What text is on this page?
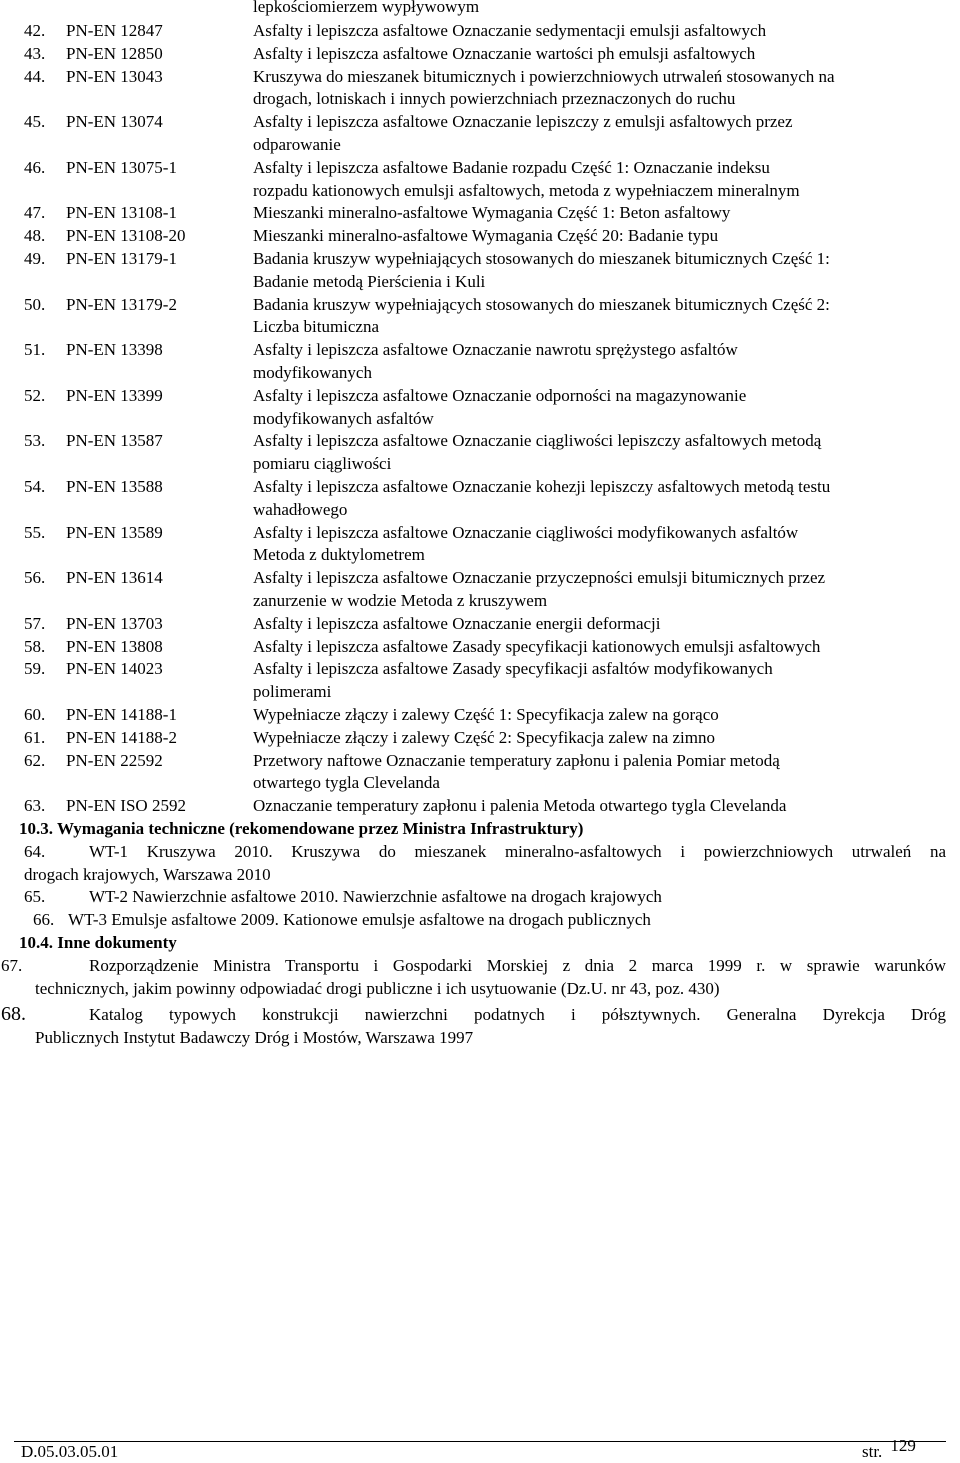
lepkościomierzem wypływowym
42.	PN-EN 12847	Asfalty i lepiszcza asfaltowe Oznaczanie sedymentacji emulsji asfaltowych
43.	PN-EN 12850	Asfalty i lepiszcza asfaltowe Oznaczanie wartości ph emulsji asfaltowych
44.	PN-EN 13043	Kruszywa do mieszanek bitumicznych i powierzchniowych utrwaleń stosowanych na
drogach, lotniskach i innych powierzchniach przeznaczonych do ruchu
45.	PN-EN 13074	Asfalty i lepiszcza asfaltowe Oznaczanie lepiszczy z emulsji asfaltowych przez
odparowanie
46.	PN-EN 13075-1	Asfalty i lepiszcza asfaltowe Badanie rozpadu Część 1: Oznaczanie indeksu
rozpadu kationowych emulsji asfaltowych, metoda z wypełniaczem mineralnym
47.	PN-EN 13108-1	Mieszanki mineralno-asfaltowe Wymagania Część 1: Beton asfaltowy
48.	PN-EN 13108-20	Mieszanki mineralno-asfaltowe Wymagania Część 20: Badanie typu
49.	PN-EN 13179-1	Badania kruszyw wypełniających stosowanych do mieszanek bitumicznych Część 1:
Badanie metodą Pierścienia i Kuli
50.	PN-EN 13179-2	Badania kruszyw wypełniających stosowanych do mieszanek bitumicznych Część 2:
Liczba bitumiczna
51.	PN-EN 13398	Asfalty i lepiszcza asfaltowe Oznaczanie nawrotu sprężystego asfaltów
modyfikowanych
52.	PN-EN 13399	Asfalty i lepiszcza asfaltowe Oznaczanie odporności na magazynowanie
modyfikowanych asfaltów
53.	PN-EN 13587	Asfalty i lepiszcza asfaltowe Oznaczanie ciągliwości lepiszczy asfaltowych metodą
pomiaru ciągliwości
54.	PN-EN 13588	Asfalty i lepiszcza asfaltowe Oznaczanie kohezji lepiszczy asfaltowych metodą testu
wahadłowego
55.	PN-EN 13589	Asfalty i lepiszcza asfaltowe Oznaczanie ciągliwości modyfikowanych asfaltów
Metoda z duktylometrem
56.	PN-EN 13614	Asfalty i lepiszcza asfaltowe Oznaczanie przyczepności emulsji bitumicznych przez
zanurzenie w wodzie Metoda z kruszywem
57.	PN-EN 13703	Asfalty i lepiszcza asfaltowe Oznaczanie energii deformacji
58.	PN-EN 13808	Asfalty i lepiszcza asfaltowe Zasady specyfikacji kationowych emulsji asfaltowych
59.	PN-EN 14023	Asfalty i lepiszcza asfaltowe Zasady specyfikacji asfaltów modyfikowanych
polimerami
60.	PN-EN 14188-1	Wypełniacze złączy i zalewy Część 1: Specyfikacja zalew na gorąco
61.	PN-EN 14188-2	Wypełniacze złączy i zalewy Część 2: Specyfikacja zalew na zimno
62.	PN-EN 22592	Przetwory naftowe Oznaczanie temperatury zapłonu i palenia Pomiar metodą
otwartego tygla Clevelanda
63.	PN-EN ISO 2592	Oznaczanie temperatury zapłonu i palenia Metoda otwartego tygla Clevelanda
10.3. Wymagania techniczne (rekomendowane przez Ministra Infrastruktury)
64.	WT-1 Kruszywa 2010. Kruszywa do mieszanek mineralno-asfaltowych i powierzchniowych utrwaleń na
drogach krajowych, Warszawa 2010
65.	WT-2 Nawierzchnie asfaltowe 2010. Nawierzchnie asfaltowe na drogach krajowych
66. WT-3 Emulsje asfaltowe 2009. Kationowe emulsje asfaltowe na drogach publicznych
10.4. Inne dokumenty
67.	Rozporządzenie Ministra Transportu i Gospodarki Morskiej z dnia 2 marca 1999 r. w sprawie warunków
technicznych, jakim powinny odpowiadać drogi publiczne i ich usytuowanie (Dz.U. nr 43, poz. 430)
68.	Katalog typowych konstrukcji nawierzchni podatnych i półsztywnych. Generalna Dyrekcja Dróg
Publicznych Instytut Badawczy Dróg i Mostów, Warszawa 1997
D.05.03.05.01	str. 129
